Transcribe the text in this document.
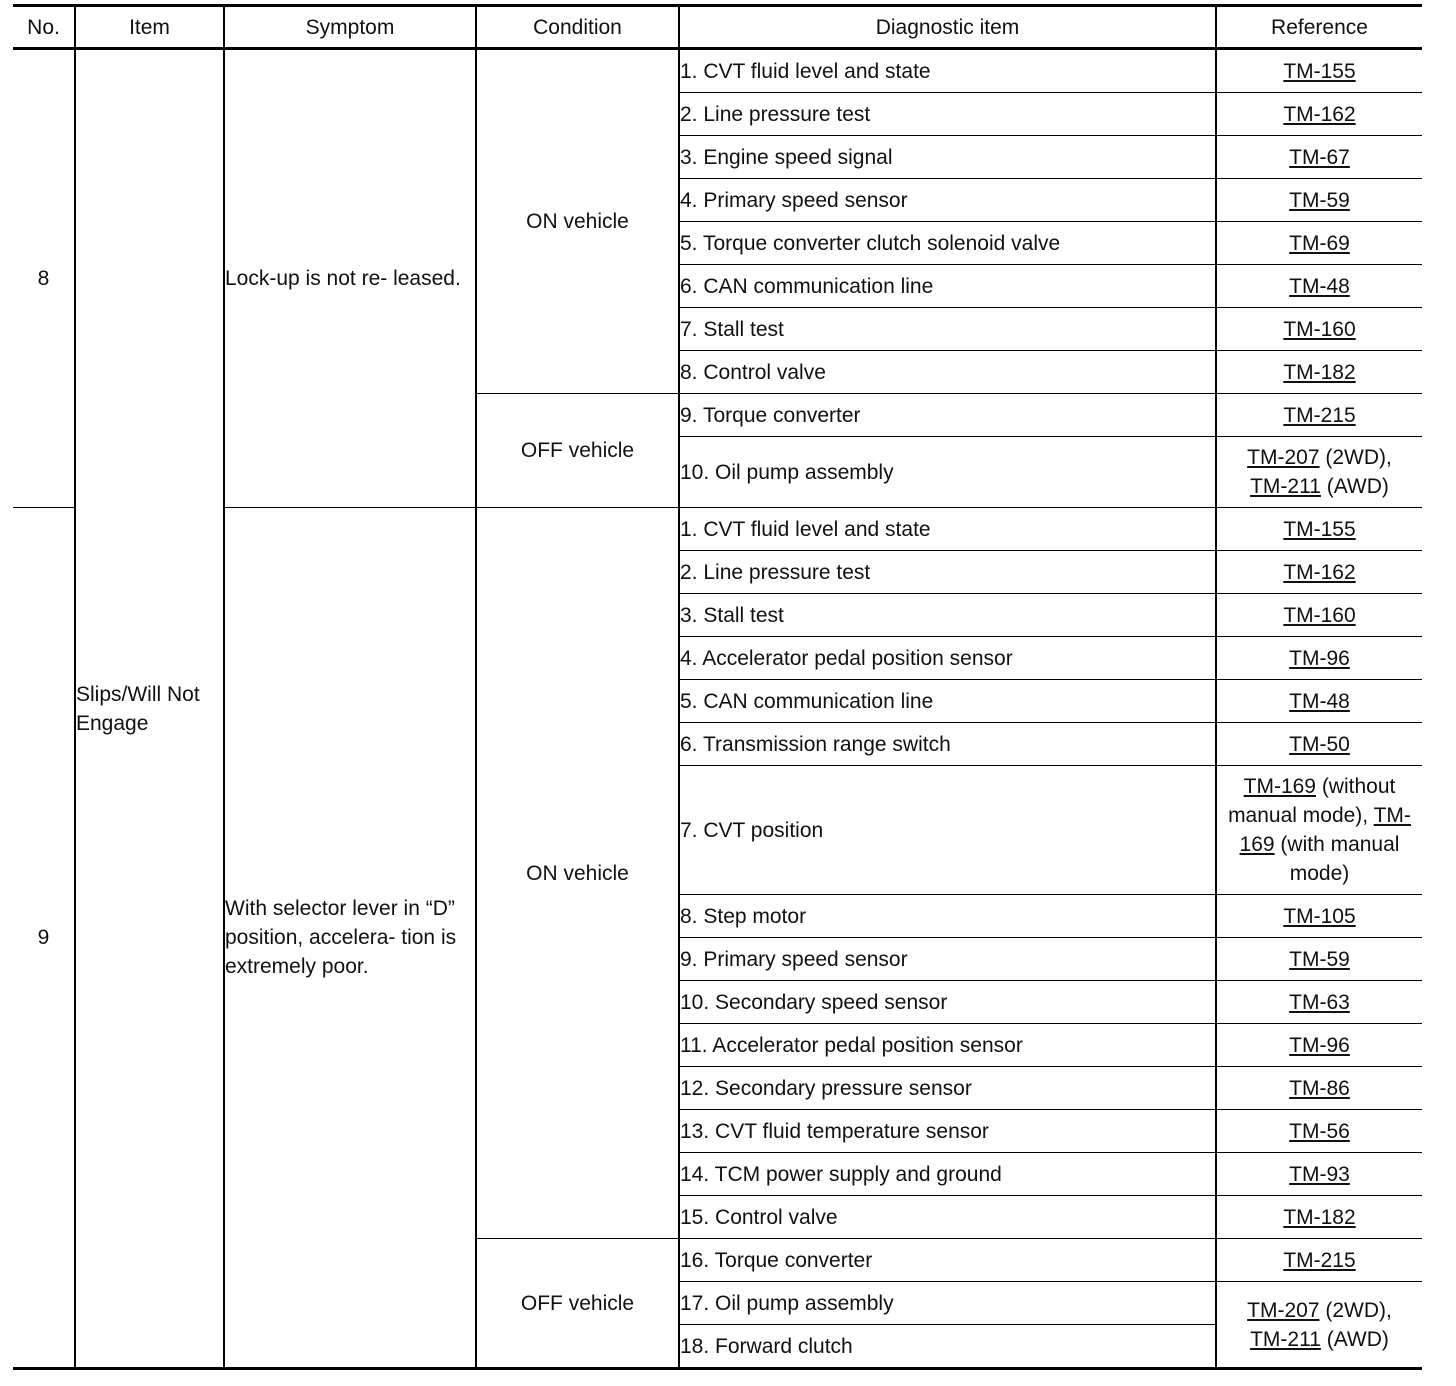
No.	Item	Symptom	Condition	Diagnostic item	Reference
8	Slips/Will Not Engage	Lock-up is not re- leased.	ON vehicle	1. CVT fluid level and state	TM-155
				2. Line pressure test	TM-162
				3. Engine speed signal	TM-67
				4. Primary speed sensor	TM-59
				5. Torque converter clutch solenoid valve	TM-69
				6. CAN communication line	TM-48
				7. Stall test	TM-160
				8. Control valve	TM-182
			OFF vehicle	9. Torque converter	TM-215
				10. Oil pump assembly	TM-207 (2WD),
TM-211 (AWD)
9		With selector lever in “D” position, accelera- tion is extremely poor.	ON vehicle	1. CVT fluid level and state	TM-155
				2. Line pressure test	TM-162
				3. Stall test	TM-160
				4. Accelerator pedal position sensor	TM-96
				5. CAN communication line	TM-48
				6. Transmission range switch	TM-50
				7. CVT position	TM-169 (without manual mode), TM-169 (with manual mode)
				8. Step motor	TM-105
				9. Primary speed sensor	TM-59
				10. Secondary speed sensor	TM-63
				11. Accelerator pedal position sensor	TM-96
				12. Secondary pressure sensor	TM-86
				13. CVT fluid temperature sensor	TM-56
				14. TCM power supply and ground	TM-93
				15. Control valve	TM-182
			OFF vehicle	16. Torque converter	TM-215
				17. Oil pump assembly	TM-207 (2WD),
TM-211 (AWD)
				18. Forward clutch	
